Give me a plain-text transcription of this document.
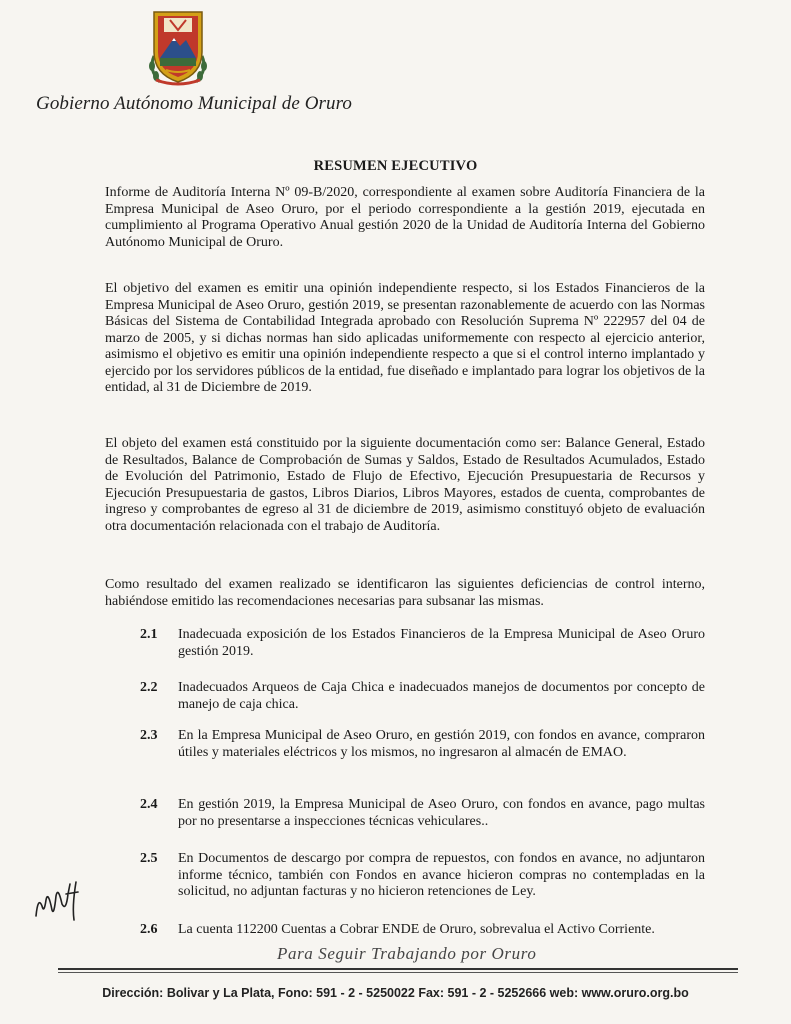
Gobierno Autónomo Municipal de Oruro
RESUMEN EJECUTIVO

Informe de Auditoría Interna Nº 09-B/2020, correspondiente al examen sobre Auditoría Financiera de la Empresa Municipal de Aseo Oruro, por el periodo correspondiente a la gestión 2019, ejecutada en cumplimiento al Programa Operativo Anual gestión 2020 de la Unidad de Auditoría Interna del Gobierno Autónomo Municipal de Oruro.

El objetivo del examen es emitir una opinión independiente respecto, si los Estados Financieros de la Empresa Municipal de Aseo Oruro, gestión 2019, se presentan razonablemente de acuerdo con las Normas Básicas del Sistema de Contabilidad Integrada aprobado con Resolución Suprema Nº 222957 del 04 de marzo de 2005, y si dichas normas han sido aplicadas uniformemente con respecto al ejercicio anterior, asimismo el objetivo es emitir una opinión independiente respecto a que si el control interno implantado y ejercido por los servidores públicos de la entidad, fue diseñado e implantado para lograr los objetivos de la entidad, al 31 de Diciembre de 2019.

El objeto del examen está constituido por la siguiente documentación como ser: Balance General, Estado de Resultados, Balance de Comprobación de Sumas y Saldos, Estado de Resultados Acumulados, Estado de Evolución del Patrimonio, Estado de Flujo de Efectivo, Ejecución Presupuestaria de Recursos y Ejecución Presupuestaria de gastos, Libros Diarios, Libros Mayores, estados de cuenta, comprobantes de ingreso y comprobantes de egreso al 31 de diciembre de 2019, asimismo constituyó objeto de evaluación otra documentación relacionada con el trabajo de Auditoría.

Como resultado del examen realizado se identificaron las siguientes deficiencias de control interno, habiéndose emitido las recomendaciones necesarias para subsanar las mismas.

2.1	Inadecuada exposición de los Estados Financieros de la Empresa Municipal de Aseo Oruro gestión 2019.
2.2	Inadecuados Arqueos de Caja Chica e inadecuados manejos de documentos por concepto de manejo de caja chica.
2.3	En la Empresa Municipal de Aseo Oruro, en gestión 2019, con fondos en avance, compraron útiles y materiales eléctricos y los mismos, no ingresaron al almacén de EMAO.
2.4	En gestión 2019, la Empresa Municipal de Aseo Oruro, con fondos en avance, pago multas por no presentarse a inspecciones técnicas vehiculares..
2.5	En Documentos de descargo por compra de repuestos, con fondos en avance, no adjuntaron informe técnico, también con Fondos en avance hicieron compras no contempladas en la solicitud, no adjuntan facturas y no hicieron retenciones de Ley.
2.6	La cuenta 112200 Cuentas a Cobrar ENDE de Oruro, sobrevalua el Activo Corriente.
Para Seguir Trabajando por Oruro
Dirección: Bolivar y La Plata, Fono: 591 - 2 - 5250022 Fax: 591 - 2 - 5252666 web: www.oruro.org.bo
